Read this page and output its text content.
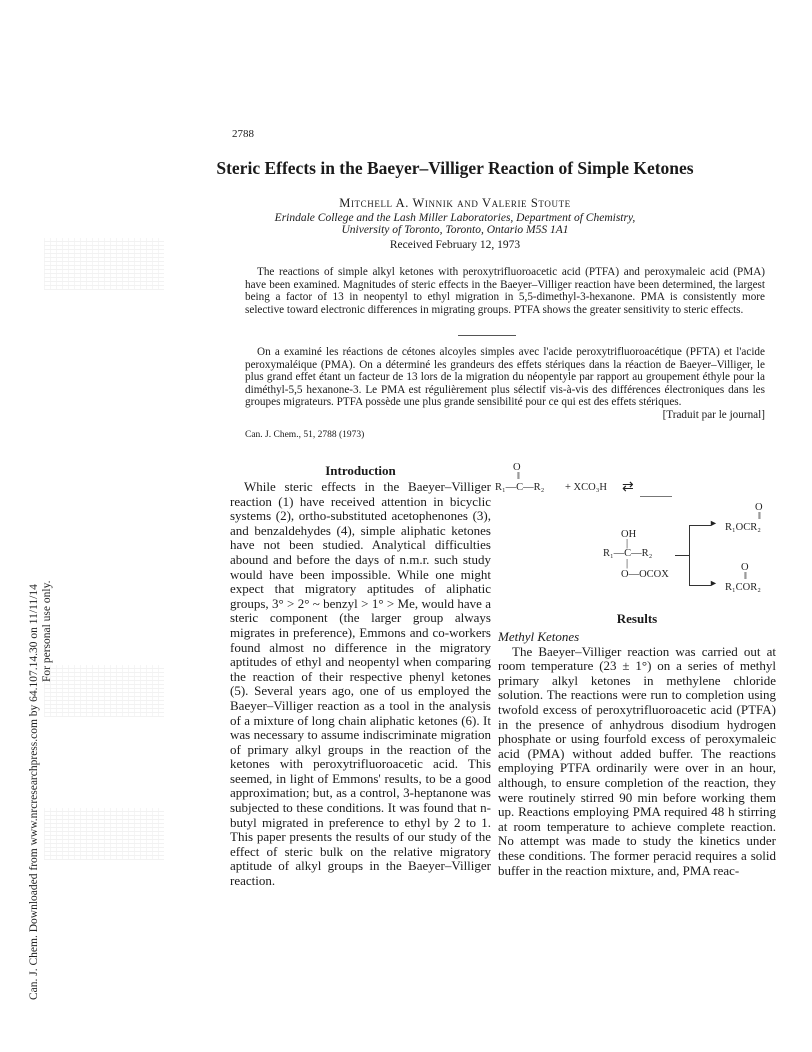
Can. J. Chem. Downloaded from www.nrcresearchpress.com by 64.107.14.30 on 11/11/14 For personal use only.
2788
Steric Effects in the Baeyer–Villiger Reaction of Simple Ketones
Mitchell A. Winnik and Valerie Stoute
Erindale College and the Lash Miller Laboratories, Department of Chemistry,
University of Toronto, Toronto, Ontario M5S 1A1
Received February 12, 1973
The reactions of simple alkyl ketones with peroxytrifluoroacetic acid (PTFA) and peroxymaleic acid (PMA) have been examined. Magnitudes of steric effects in the Baeyer–Villiger reaction have been determined, the largest being a factor of 13 in neopentyl to ethyl migration in 5,5-dimethyl-3-hexanone. PMA is consistently more selective toward electronic differences in migrating groups. PTFA shows the greater sensitivity to steric effects.
On a examiné les réactions de cétones alcoyles simples avec l'acide peroxytrifluoroacétique (PFTA) et l'acide peroxymaléique (PMA). On a déterminé les grandeurs des effets stériques dans la réaction de Baeyer–Villiger, le plus grand effet étant un facteur de 13 lors de la migration du néopentyle par rapport au groupement éthyle pour la diméthyl-5,5 hexanone-3. Le PMA est régulièrement plus sélectif vis-à-vis des différences électroniques dans les groupes migrateurs. PTFA possède une plus grande sensibilité pour ce qui est des effets stériques.
[Traduit par le journal]
Can. J. Chem., 51, 2788 (1973)
Introduction

While steric effects in the Baeyer–Villiger reaction (1) have received attention in bicyclic systems (2), ortho-substituted acetophenones (3), and benzaldehydes (4), simple aliphatic ketones have not been studied. Analytical difficulties abound and before the days of n.m.r. such study would have been impossible. While one might expect that migratory aptitudes of aliphatic groups, 3° > 2° ~ benzyl > 1° > Me, would have a steric component (the larger group always migrates in preference), Emmons and co-workers found almost no difference in the migratory aptitudes of ethyl and neopentyl when comparing the reaction of their respective phenyl ketones (5). Several years ago, one of us employed the Baeyer–Villiger reaction as a tool in the analysis of a mixture of long chain aliphatic ketones (6). It was necessary to assume indiscriminate migration of primary alkyl groups in the reaction of the ketones with peroxytrifluoroacetic acid. This seemed, in light of Emmons' results, to be a good approximation; but, as a control, 3-heptanone was subjected to these conditions. It was found that n-butyl migrated in preference to ethyl by 2 to 1. This paper presents the results of our study of the effect of steric bulk on the relative migratory aptitude of alkyl groups in the Baeyer–Villiger reaction.

O
‖
R₁—C—R₂ + XCO₃H ⇄
OH
|
R₁—C—R₂
|
O—OCOX
►
►
O
‖
R₁OCR₂
O
‖
R₁COR₂
Results

Methyl Ketones

The Baeyer–Villiger reaction was carried out at room temperature (23 ± 1°) on a series of methyl primary alkyl ketones in methylene chloride solution. The reactions were run to completion using twofold excess of peroxytrifluoroacetic acid (PTFA) in the presence of anhydrous disodium hydrogen phosphate or using fourfold excess of peroxymaleic acid (PMA) without added buffer. The reactions employing PTFA ordinarily were over in an hour, although, to ensure completion of the reaction, they were routinely stirred 90 min before working them up. Reactions employing PMA required 48 h stirring at room temperature to achieve complete reaction. No attempt was made to study the kinetics under these conditions. The former peracid requires a solid buffer in the reaction mixture, and, PMA reac-
